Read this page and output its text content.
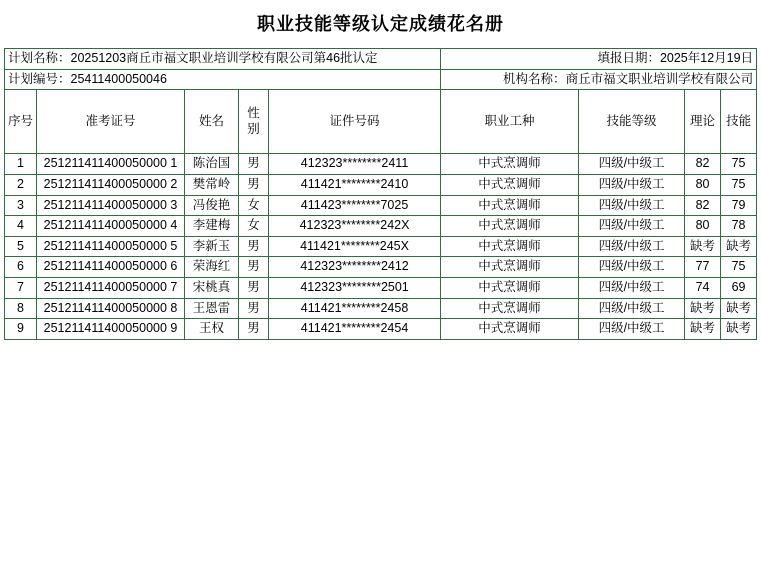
职业技能等级认定成绩花名册
计划名称：20251203商丘市福文职业培训学校有限公司第46批认定					填报日期：2025年12月19日			
计划编号：25411400050046					机构名称：商丘市福文职业培训学校有限公司			
序号	准考证号	姓名	性别	证件号码	职业工种	技能等级	理论	技能
1	251211411400050000 1	陈治国	男	412323********2411	中式烹调师	四级/中级工	82	75
2	251211411400050000 2	樊常岭	男	411421********2410	中式烹调师	四级/中级工	80	75
3	251211411400050000 3	冯俊艳	女	411423********7025	中式烹调师	四级/中级工	82	79
4	251211411400050000 4	李建梅	女	412323********242X	中式烹调师	四级/中级工	80	78
5	251211411400050000 5	李新玉	男	411421********245X	中式烹调师	四级/中级工	缺考	缺考
6	251211411400050000 6	荣海红	男	412323********2412	中式烹调师	四级/中级工	77	75
7	251211411400050000 7	宋桃真	男	412323********2501	中式烹调师	四级/中级工	74	69
8	251211411400050000 8	王恩雷	男	411421********2458	中式烹调师	四级/中级工	缺考	缺考
9	251211411400050000 9	王权	男	411421********2454	中式烹调师	四级/中级工	缺考	缺考
